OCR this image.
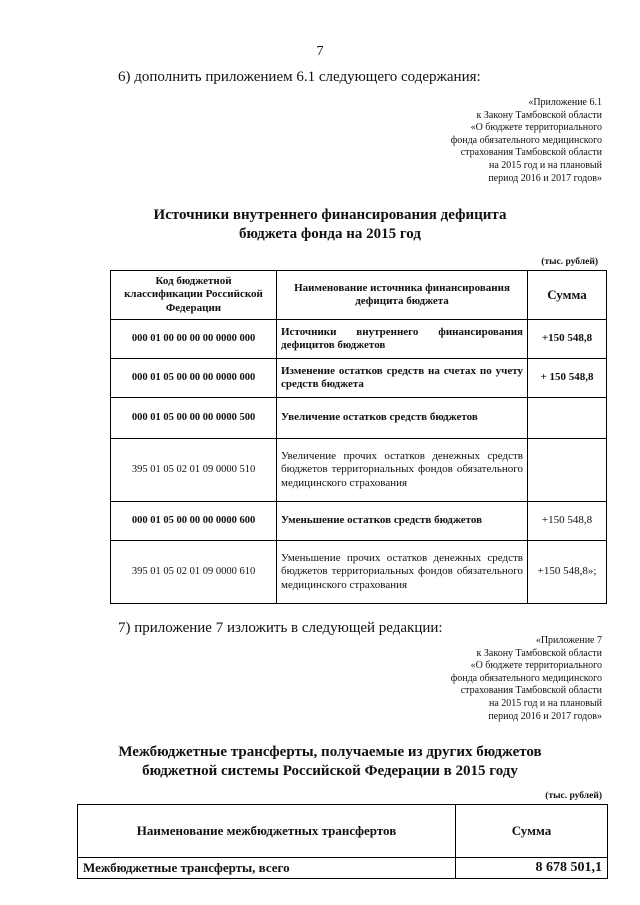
7
6) дополнить приложением 6.1 следующего содержания:
«Приложение 6.1
к Закону Тамбовской области
«О бюджете территориального
фонда обязательного медицинского
страхования Тамбовской области
на 2015 год и на плановый
период 2016 и 2017 годов»
Источники внутреннего финансирования дефицита
бюджета фонда на 2015 год
(тыс. рублей)
Код бюджетной классификации Российской Федерации	Наименование источника финансирования дефицита бюджета	Сумма
000 01 00 00 00 00 0000 000	Источники внутреннего финансирования дефицитов бюджетов	+150 548,8
000 01 05 00 00 00 0000 000	Изменение остатков средств на счетах по учету средств бюджета	+ 150 548,8
000 01 05 00 00 00 0000 500	Увеличение остатков средств бюджетов	
395 01 05 02 01 09 0000 510	Увеличение прочих остатков денежных средств бюджетов территориальных фондов обязательного медицинского страхования	
000 01 05 00 00 00 0000 600	Уменьшение остатков средств бюджетов	+150 548,8
395 01 05 02 01 09 0000 610	Уменьшение прочих остатков денежных средств бюджетов территориальных фондов обязательного медицинского страхования	+150 548,8»;
7) приложение 7 изложить в следующей редакции:
«Приложение 7
к Закону Тамбовской области
«О бюджете территориального
фонда обязательного медицинского
страхования Тамбовской области
на 2015 год и на плановый
период 2016 и 2017 годов»
Межбюджетные трансферты, получаемые из других бюджетов
бюджетной системы Российской Федерации в 2015 году
(тыс. рублей)
Наименование межбюджетных трансфертов	Сумма
Межбюджетные трансферты, всего	8 678 501,1
